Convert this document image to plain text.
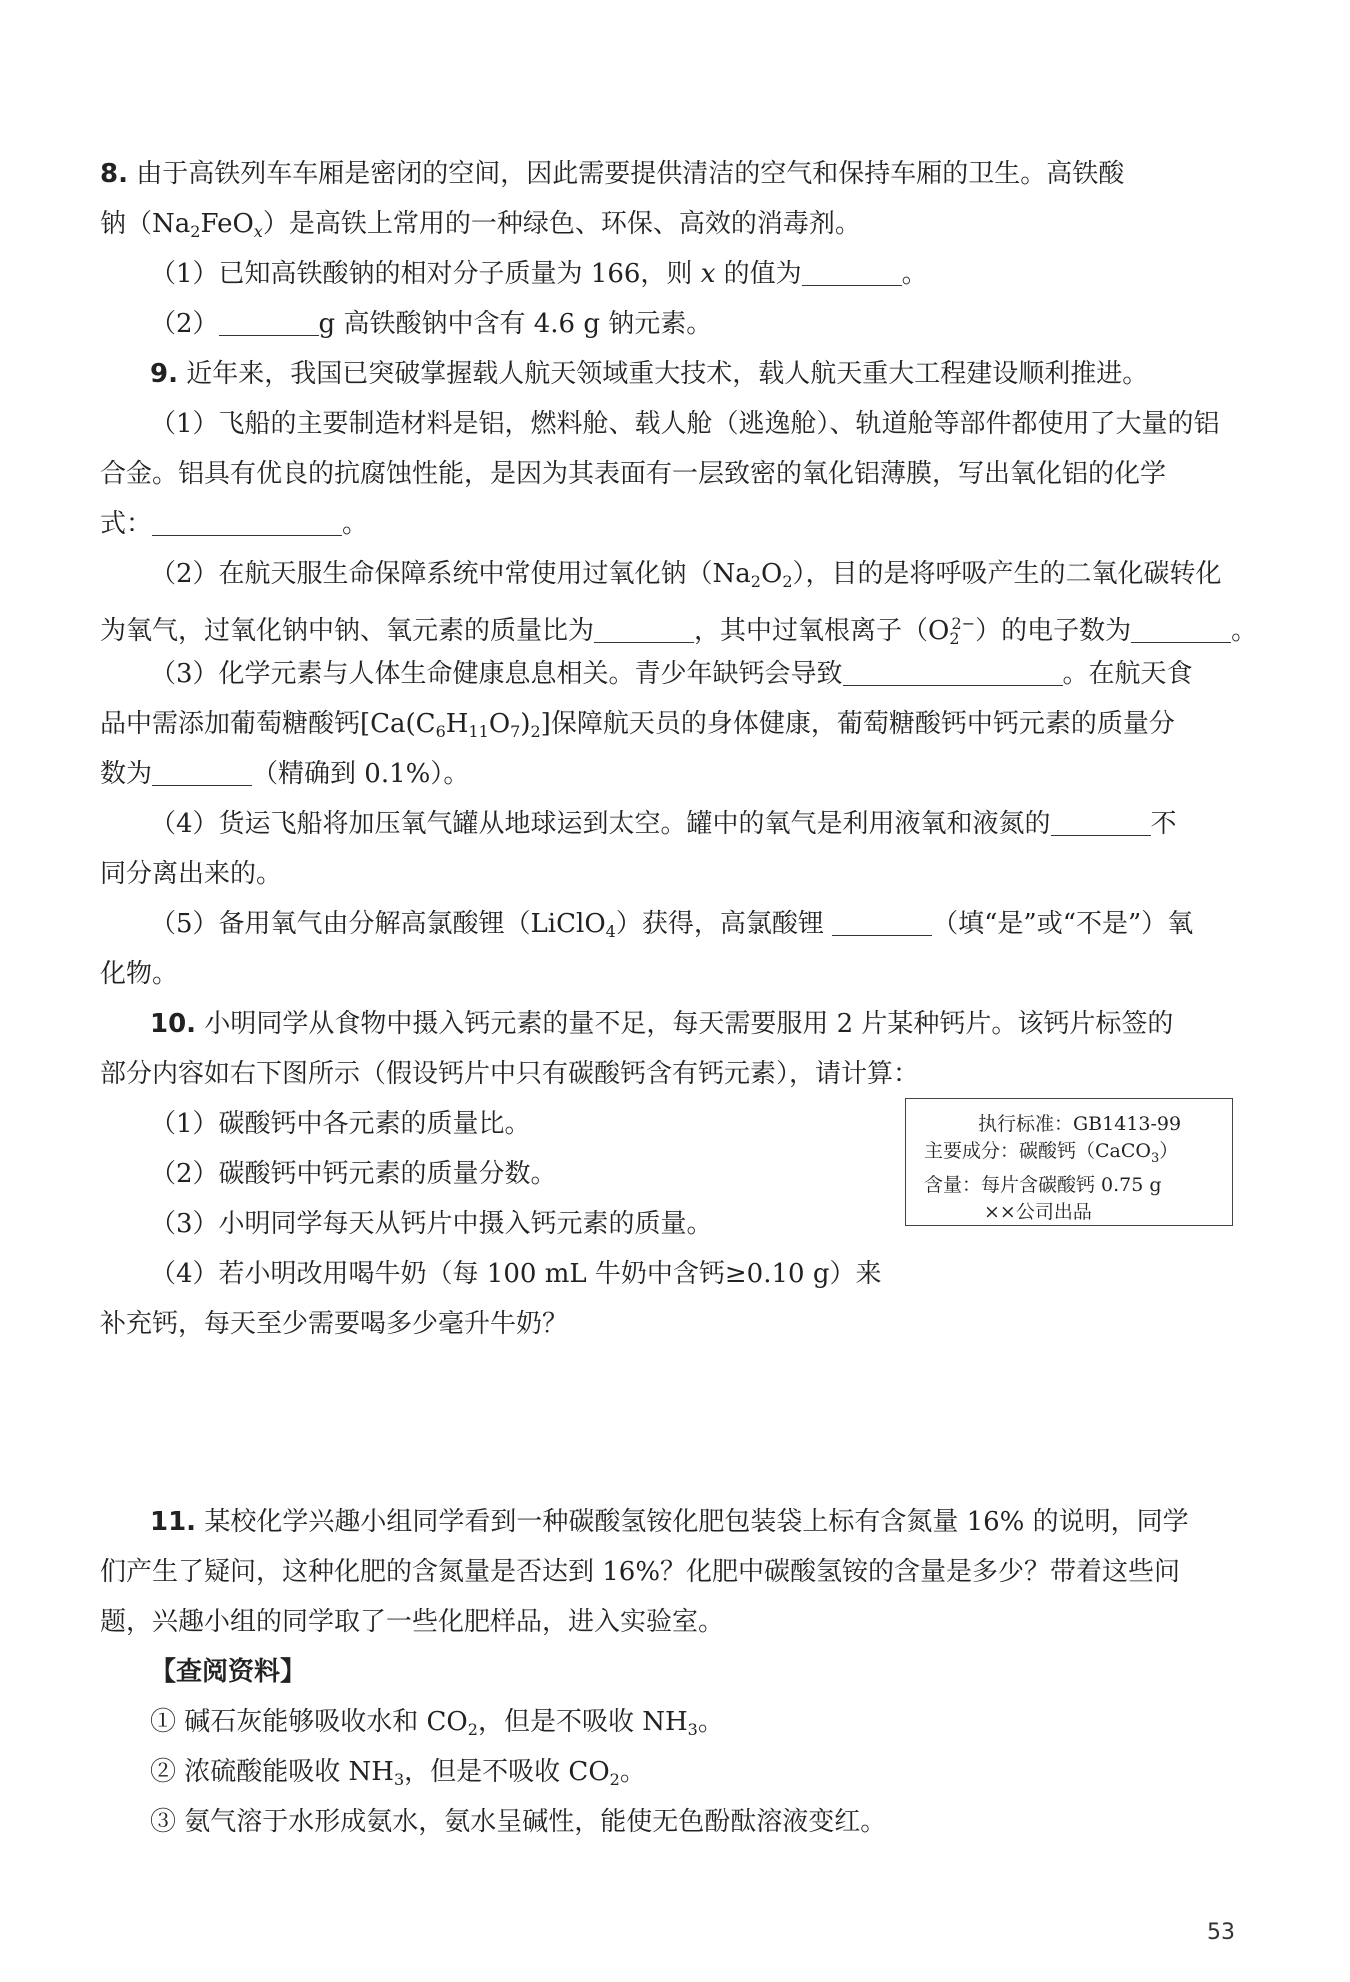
8. 由于高铁列车车厢是密闭的空间，因此需要提供清洁的空气和保持车厢的卫生。高铁酸
钠$(Na_2FeO_x)$是高铁上常用的一种绿色、环保、高效的消毒剂。
（1）已知高铁酸钠的相对分子质量为 166，则 x 的值为	。
（2）	g 高铁酸钠中含有 4.6 g 钠元素。
9. 近年来，我国已突破掌握载人航天领域重大技术，载人航天重大工程建设顺利推进。
（1）飞船的主要制造材料是铝，燃料舱、载人舱（逃逸舱）、轨道舱等部件都使用了大量的铝
合金。铝具有优良的抗腐蚀性能，是因为其表面有一层致密的氧化铝薄膜，写出氧化铝的化学
式：	。
（2）在航天服生命保障系统中常使用过氧化钠$(Na_2O_2)$，目的是将呼吸产生的二氧化碳转化
为氧气，过氧化钠中钠、氧元素的质量比为	，其中过氧根离子$(O_2^{2-})$的电子数为	。
（3）化学元素与人体生命健康息息相关。青少年缺钙会导致	。在航天食
品中需添加葡萄糖酸钙$[Ca(C_6H_{11}O_7)_2]$保障航天员的身体健康，葡萄糖酸钙中钙元素的质量分
数为	（精确到 0.1%）。
（4）货运飞船将加压氧气罐从地球运到太空。罐中的氧气是利用液氧和液氮的	不
同分离出来的。
（5）备用氧气由分解高氯酸锂（LiClO$_4$）获得，高氯酸锂	（填“是”或“不是”）氧
化物。
10. 小明同学从食物中摄入钙元素的量不足，每天需要服用 2 片某种钙片。该钙片标签的
部分内容如右下图所示（假设钙片中只有碳酸钙含有钙元素），请计算：
（1）碳酸钙中各元素的质量比。
（2）碳酸钙中钙元素的质量分数。
（3）小明同学每天从钙片中摄入钙元素的质量。
（4）若小明改用喝牛奶（每 100 mL 牛奶中含钙≥0.10 g）来
补充钙，每天至少需要喝多少毫升牛奶？
执行标准：GB1413-99
主要成分：碳酸钙（CaCO$_3$）
含量：每片含碳酸钙 0.75 g
××公司出品
11. 某校化学兴趣小组同学看到一种碳酸氢铵化肥包装袋上标有含氮量 16% 的说明，同学
们产生了疑问，这种化肥的含氮量是否达到 16%？化肥中碳酸氢铵的含量是多少？带着这些问
题，兴趣小组的同学取了一些化肥样品，进入实验室。
【查阅资料】
① 碱石灰能够吸收水和 $CO_2$，但是不吸收 $NH_3$。
② 浓硫酸能吸收 $NH_3$，但是不吸收 $CO_2$。
③ 氨气溶于水形成氨水，氨水呈碱性，能使无色酚酞溶液变红。
53
